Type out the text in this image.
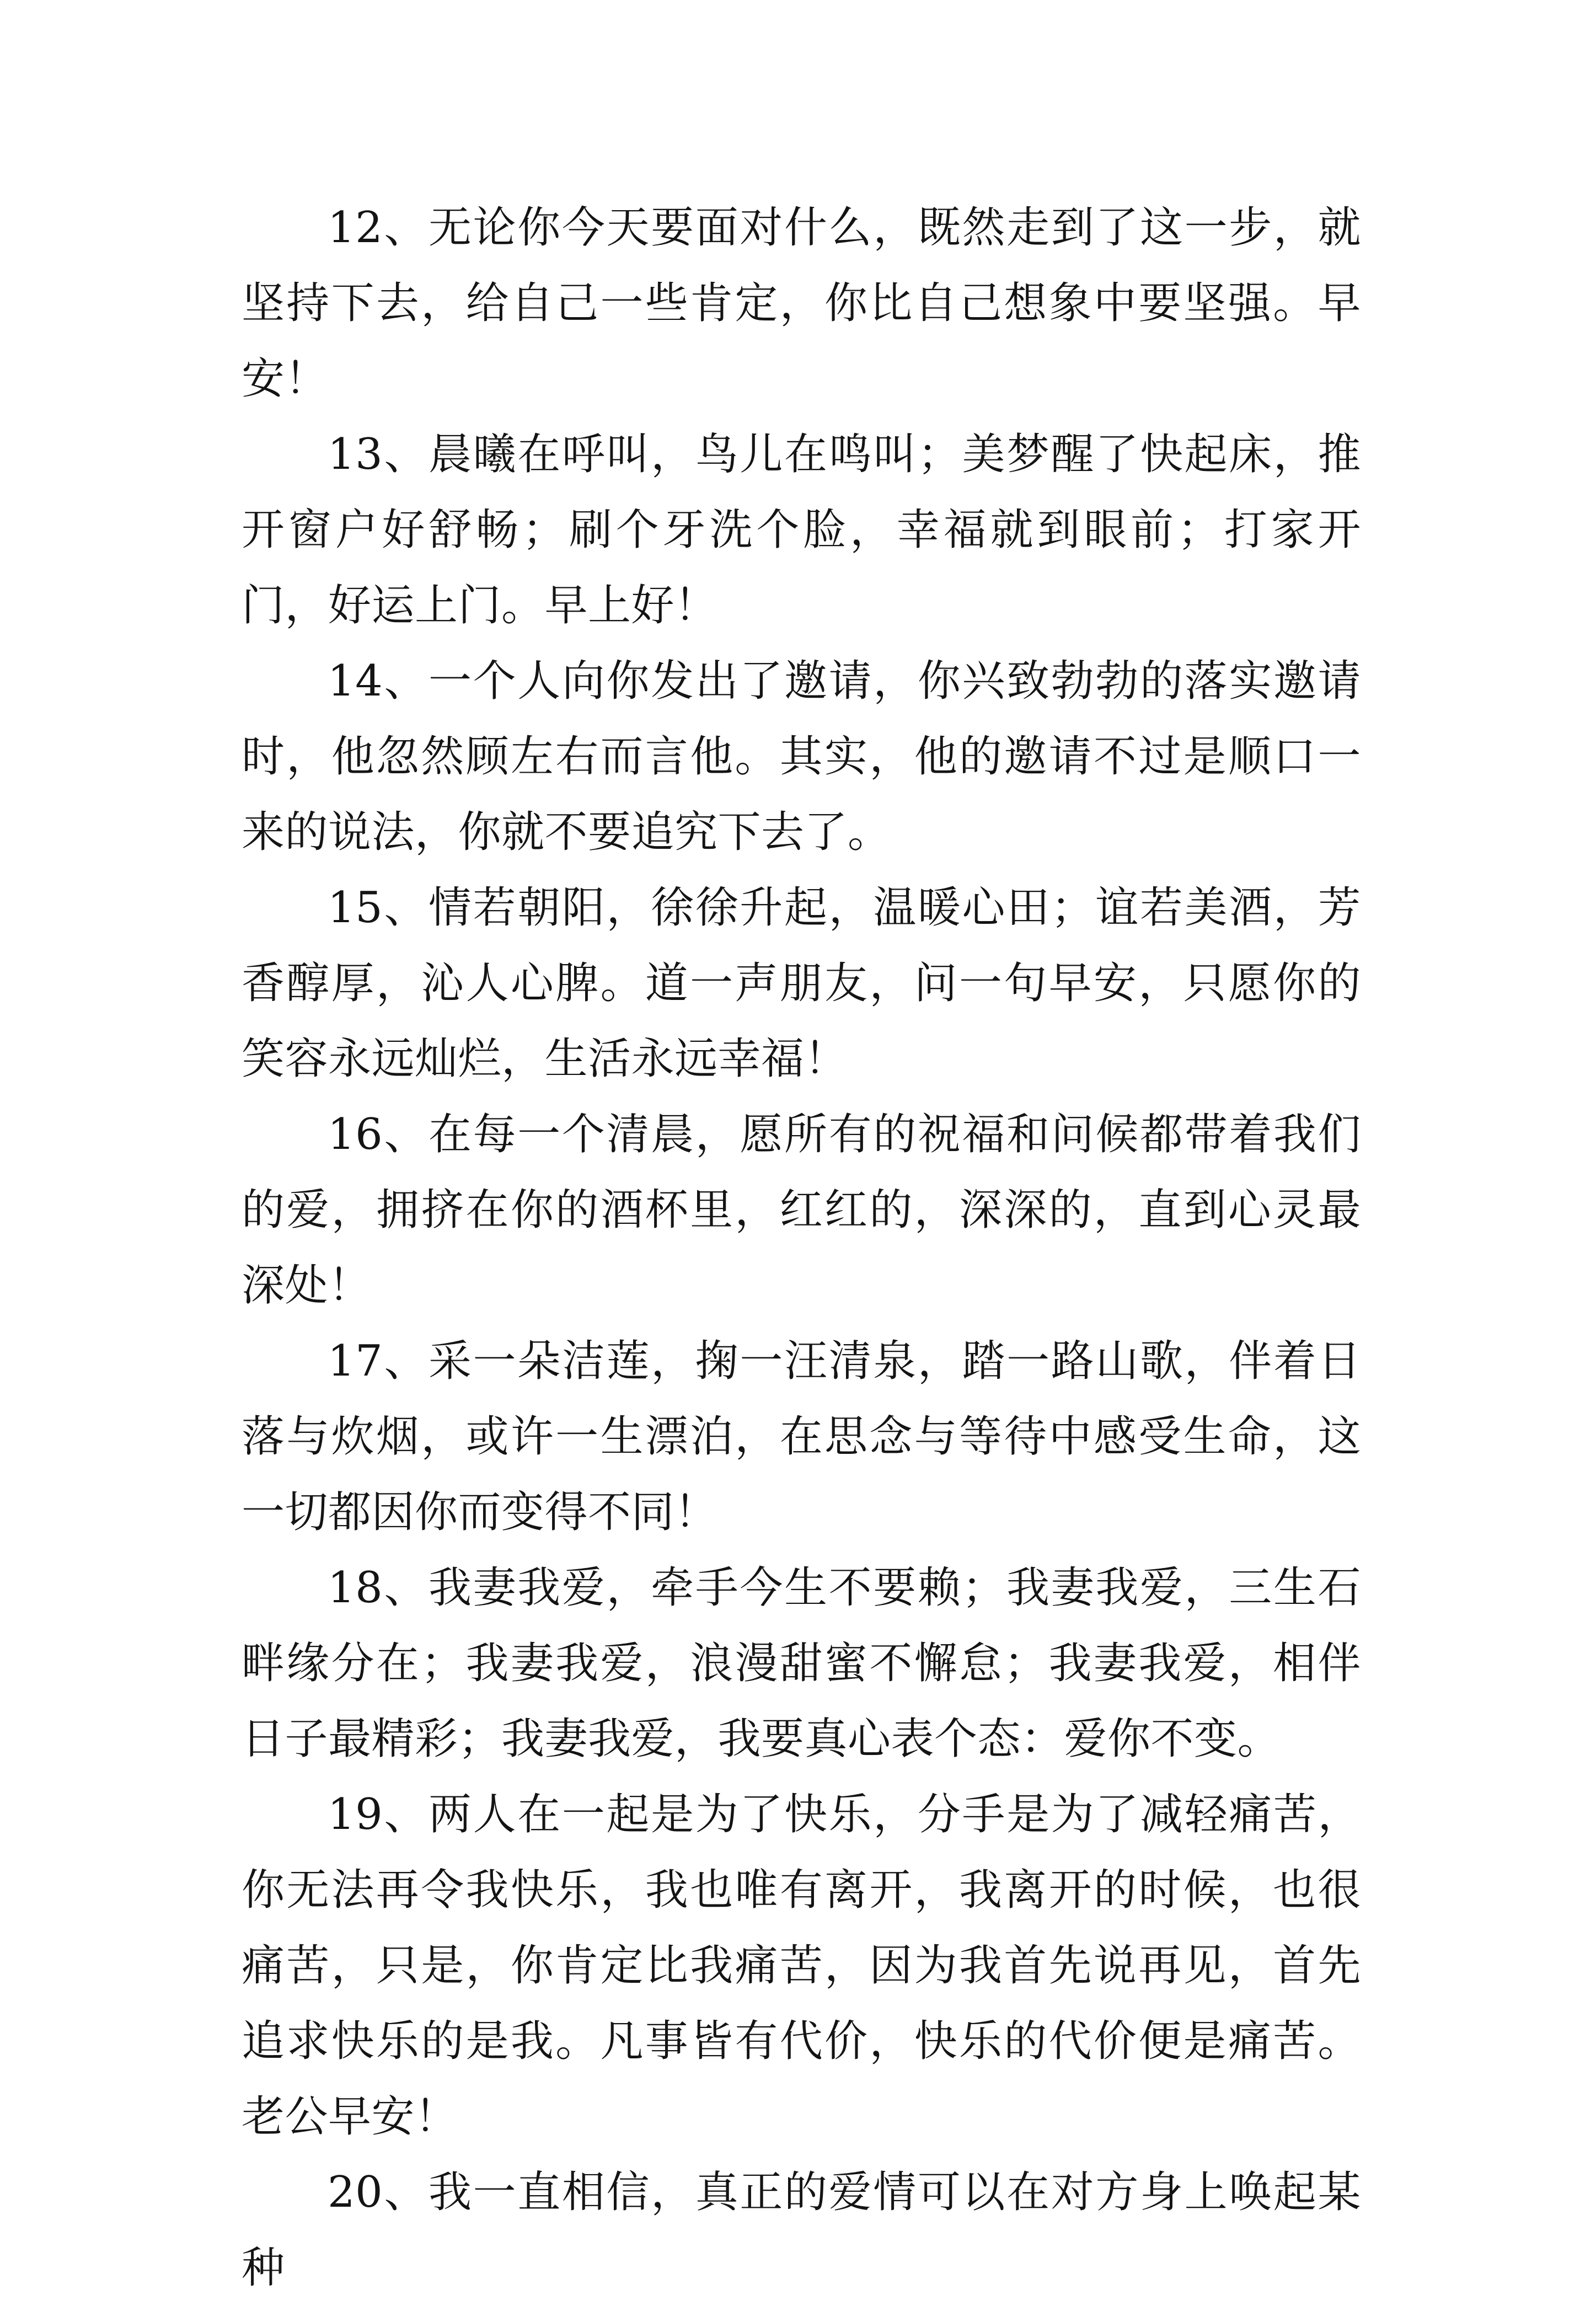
12、无论你今天要面对什么，既然走到了这一步，就坚持下去，给自己一些肯定，你比自己想象中要坚强。早安！

13、晨曦在呼叫，鸟儿在鸣叫；美梦醒了快起床，推开窗户好舒畅；刷个牙洗个脸，幸福就到眼前；打家开门，好运上门。早上好！

14、一个人向你发出了邀请，你兴致勃勃的落实邀请时，他忽然顾左右而言他。其实，他的邀请不过是顺口一来的说法，你就不要追究下去了。

15、情若朝阳，徐徐升起，温暖心田；谊若美酒，芳香醇厚，沁人心脾。道一声朋友，问一句早安，只愿你的笑容永远灿烂，生活永远幸福！

16、在每一个清晨，愿所有的祝福和问候都带着我们的爱，拥挤在你的酒杯里，红红的，深深的，直到心灵最深处！

17、采一朵洁莲，掬一汪清泉，踏一路山歌，伴着日落与炊烟，或许一生漂泊，在思念与等待中感受生命，这一切都因你而变得不同！

18、我妻我爱，牵手今生不要赖；我妻我爱，三生石畔缘分在；我妻我爱，浪漫甜蜜不懈怠；我妻我爱，相伴日子最精彩；我妻我爱，我要真心表个态：爱你不变。

19、两人在一起是为了快乐，分手是为了减轻痛苦，你无法再令我快乐，我也唯有离开，我离开的时候，也很痛苦，只是，你肯定比我痛苦，因为我首先说再见，首先追求快乐的是我。凡事皆有代价，快乐的代价便是痛苦。老公早安！

20、我一直相信，真正的爱情可以在对方身上唤起某种
